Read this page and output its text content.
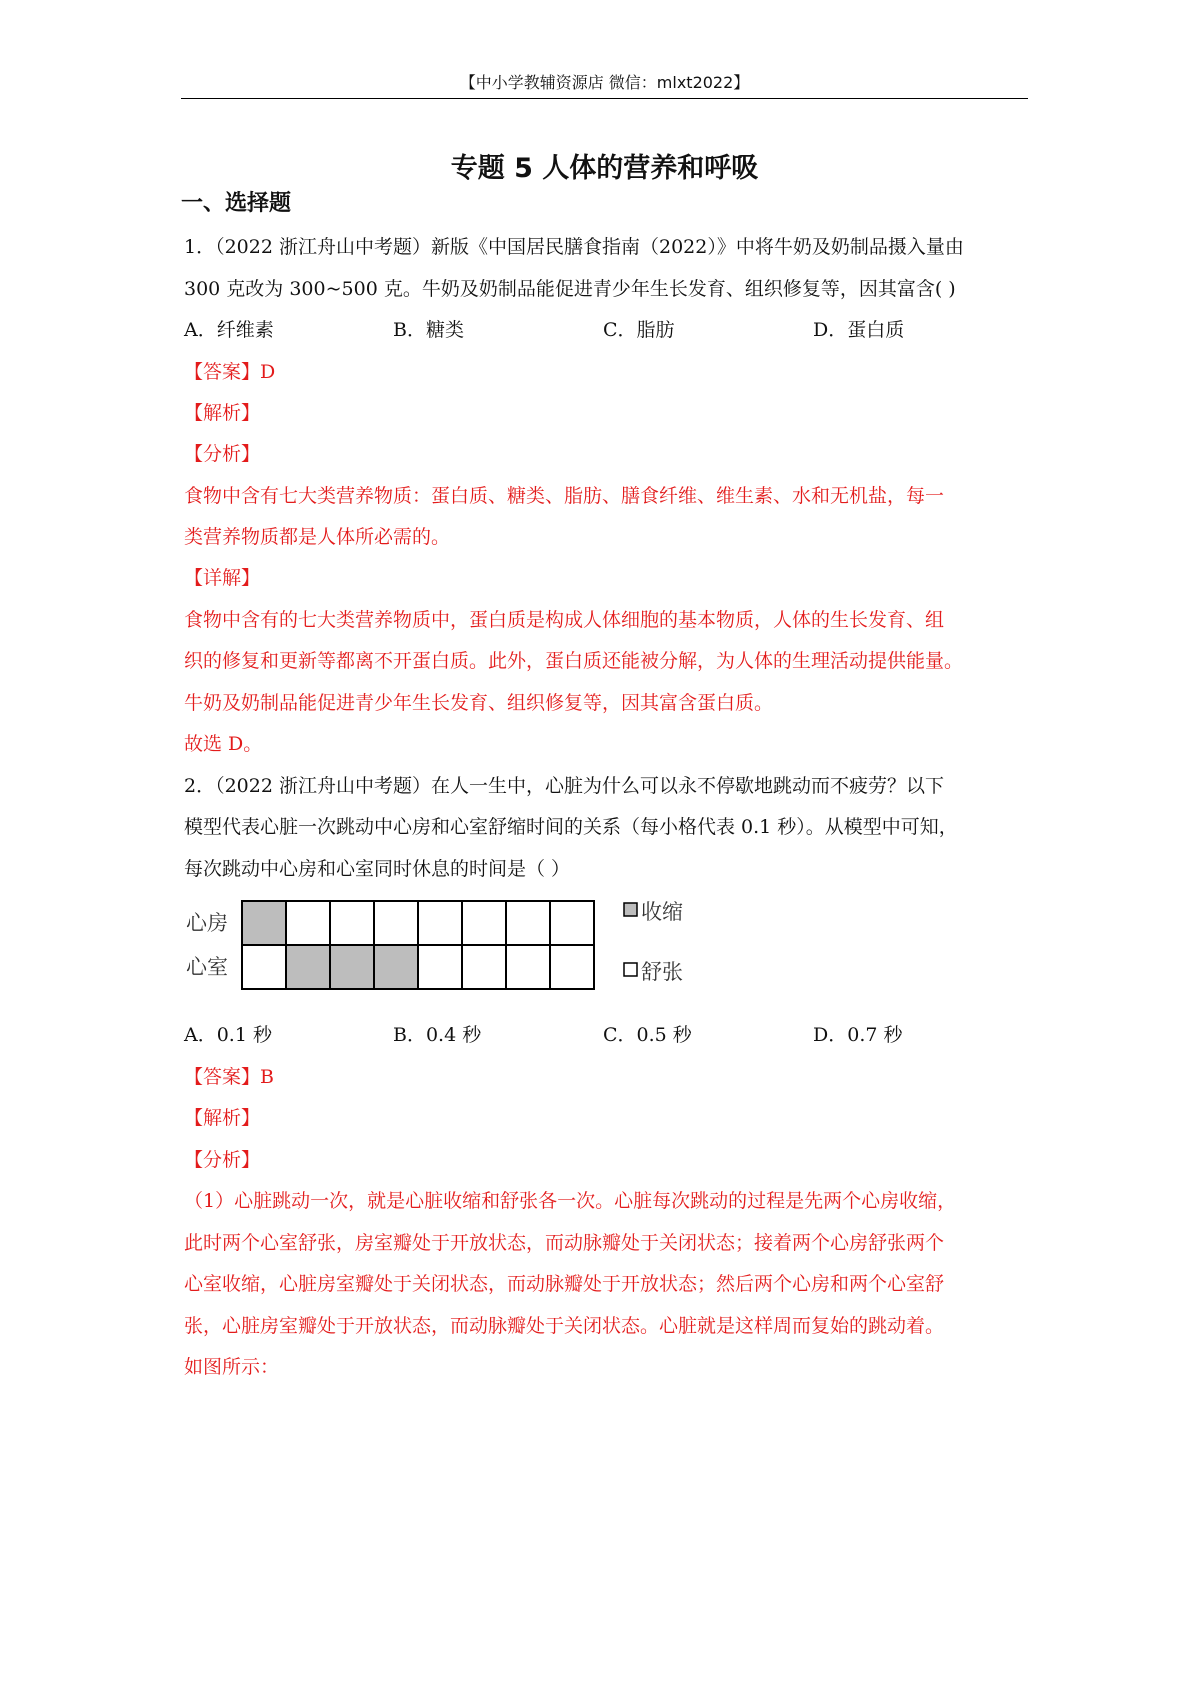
【中小学教辅资源店 微信：mlxt2022】
专题 5 人体的营养和呼吸
一、选择题
1．（2022 浙江舟山中考题）新版《中国居民膳食指南（2022）》中将牛奶及奶制品摄入量由
300 克改为 300~500 克。牛奶及奶制品能促进青少年生长发育、组织修复等，因其富含( )
A．纤维素	B．糖类	C．脂肪	D．蛋白质
【答案】D
【解析】
【分析】
食物中含有七大类营养物质：蛋白质、糖类、脂肪、膳食纤维、维生素、水和无机盐，每一
类营养物质都是人体所必需的。
【详解】
食物中含有的七大类营养物质中，蛋白质是构成人体细胞的基本物质，人体的生长发育、组
织的修复和更新等都离不开蛋白质。此外，蛋白质还能被分解，为人体的生理活动提供能量。
牛奶及奶制品能促进青少年生长发育、组织修复等，因其富含蛋白质。
故选 D。
2．（2022 浙江舟山中考题）在人一生中，心脏为什么可以永不停歇地跳动而不疲劳？以下
模型代表心脏一次跳动中心房和心室舒缩时间的关系（每小格代表 0.1 秒）。从模型中可知，
每次跳动中心房和心室同时休息的时间是（ ）
心房
心室
收缩
舒张
A．0.1 秒	B．0.4 秒	C．0.5 秒	D．0.7 秒
【答案】B
【解析】
【分析】
（1）心脏跳动一次，就是心脏收缩和舒张各一次。心脏每次跳动的过程是先两个心房收缩，
此时两个心室舒张，房室瓣处于开放状态，而动脉瓣处于关闭状态；接着两个心房舒张两个
心室收缩，心脏房室瓣处于关闭状态，而动脉瓣处于开放状态；然后两个心房和两个心室舒
张，心脏房室瓣处于开放状态，而动脉瓣处于关闭状态。心脏就是这样周而复始的跳动着。
如图所示：
